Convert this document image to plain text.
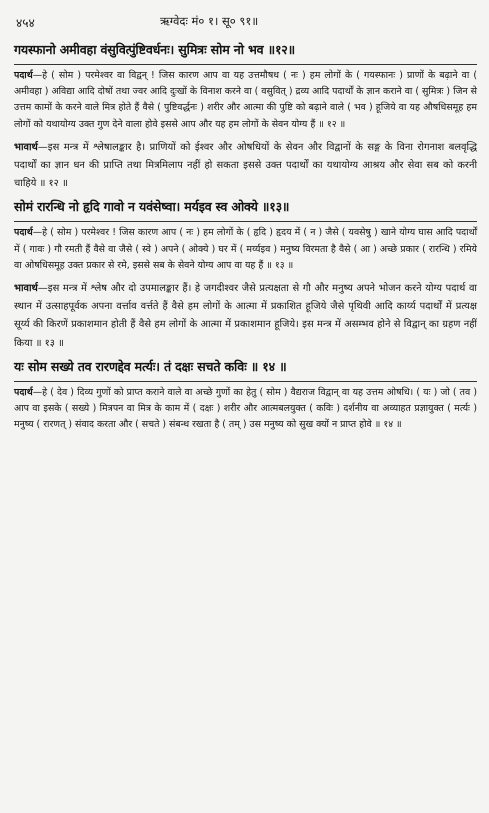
४५४	ऋग्वेदः मं० १। सू० ९१॥
गयस्फानो अमीवहा वंसुवित्पुंष्टिवर्धनः। सुमित्रः सोम नो भव ॥१२॥

पदार्थ—हे ( सोम ) परमेश्वर वा विद्वन् ! जिस कारण आप वा यह उत्तमौषध ( नः ) हम लोगों के ( गयस्फानः ) प्राणों के बढ़ाने वा ( अमीवहा ) अविद्या आदि दोषों तथा ज्वर आदि दुःखों के विनाश करने वा ( वसुवित् ) द्रव्य आदि पदार्थों के ज्ञान कराने वा ( सुमित्रः ) जिन से उत्तम कामों के करने वाले मित्र होते हैं वैसे ( पुष्टिवर्द्धनः ) शरीर और आत्मा की पुष्टि को बढ़ाने वाले ( भव ) हूजिये वा यह औषधिसमूह हम लोगों को यथायोग्य उक्त गुण देने वाला होवे इससे आप और यह हम लोगों के सेवन योग्य हैं ॥ १२ ॥

भावार्थ—इस मन्त्र में श्लेषालङ्कार है। प्राणियों को ईश्वर और ओषधियों के सेवन और विद्वानों के सङ्ग के विना रोगनाश बलवृद्धि पदार्थों का ज्ञान धन की प्राप्ति तथा मित्रमिलाप नहीं हो सकता इससे उक्त पदार्थों का यथायोग्य आश्रय और सेवा सब को करनी चाहिये ॥ १२ ॥

सोमं रारन्धि नो हृदि गावो न यवंसेष्वा। मर्यइव स्व ओक्ये ॥१३॥

पदार्थ—हे ( सोम ) परमेश्वर ! जिस कारण आप ( नः ) हम लोगों के ( हृदि ) हृदय में ( न ) जैसे ( यवसेषु ) खाने योग्य घास आदि पदार्थों में ( गावः ) गौ रमती हैं वैसे वा जैसे ( स्वे ) अपने ( ओक्ये ) घर में ( मर्य्यइव ) मनुष्य विरमता है वैसे ( आ ) अच्छे प्रकार ( रारन्धि ) रमिये वा ओषधिसमूह उक्त प्रकार से रमे, इससे सब के सेवने योग्य आप वा यह हैं ॥ १३ ॥

भावार्थ—इस मन्त्र में श्लेष और दो उपमालङ्कार हैं। हे जगदीश्वर जैसे प्रत्यक्षता से गौ और मनुष्य अपने भोजन करने योग्य पदार्थ वा स्थान में उत्साहपूर्वक अपना वर्त्ताव वर्त्तते हैं वैसे हम लोगों के आत्मा में प्रकाशित हूजिये जैसे पृथिवी आदि कार्य्य पदार्थों में प्रत्यक्ष सूर्य्य की किरणें प्रकाशमान होती हैं वैसे हम लोगों के आत्मा में प्रकाशमान हूजिये। इस मन्त्र में असम्भव होने से विद्वान् का ग्रहण नहीं किया ॥ १३ ॥

यः सोम सख्ये तव रारणद्देव मर्त्यः। तं दक्षः सचते कविः ॥ १४ ॥

पदार्थ—हे ( देव ) दिव्य गुणों को प्राप्त कराने वाले वा अच्छे गुणों का हेतु ( सोम ) वैद्यराज विद्वान् वा यह उत्तम ओषधि। ( यः ) जो ( तव ) आप वा इसके ( सख्ये ) मित्रपन वा मित्र के काम में ( दक्षः ) शरीर और आत्मबलयुक्त ( कविः ) दर्शनीय वा अव्याहत प्रज्ञायुक्त ( मर्त्यः ) मनुष्य ( रारणत् ) संवाद करता और ( सचते ) संबन्ध रखता है ( तम् ) उस मनुष्य को सुख क्यों न प्राप्त होवे ॥ १४ ॥
